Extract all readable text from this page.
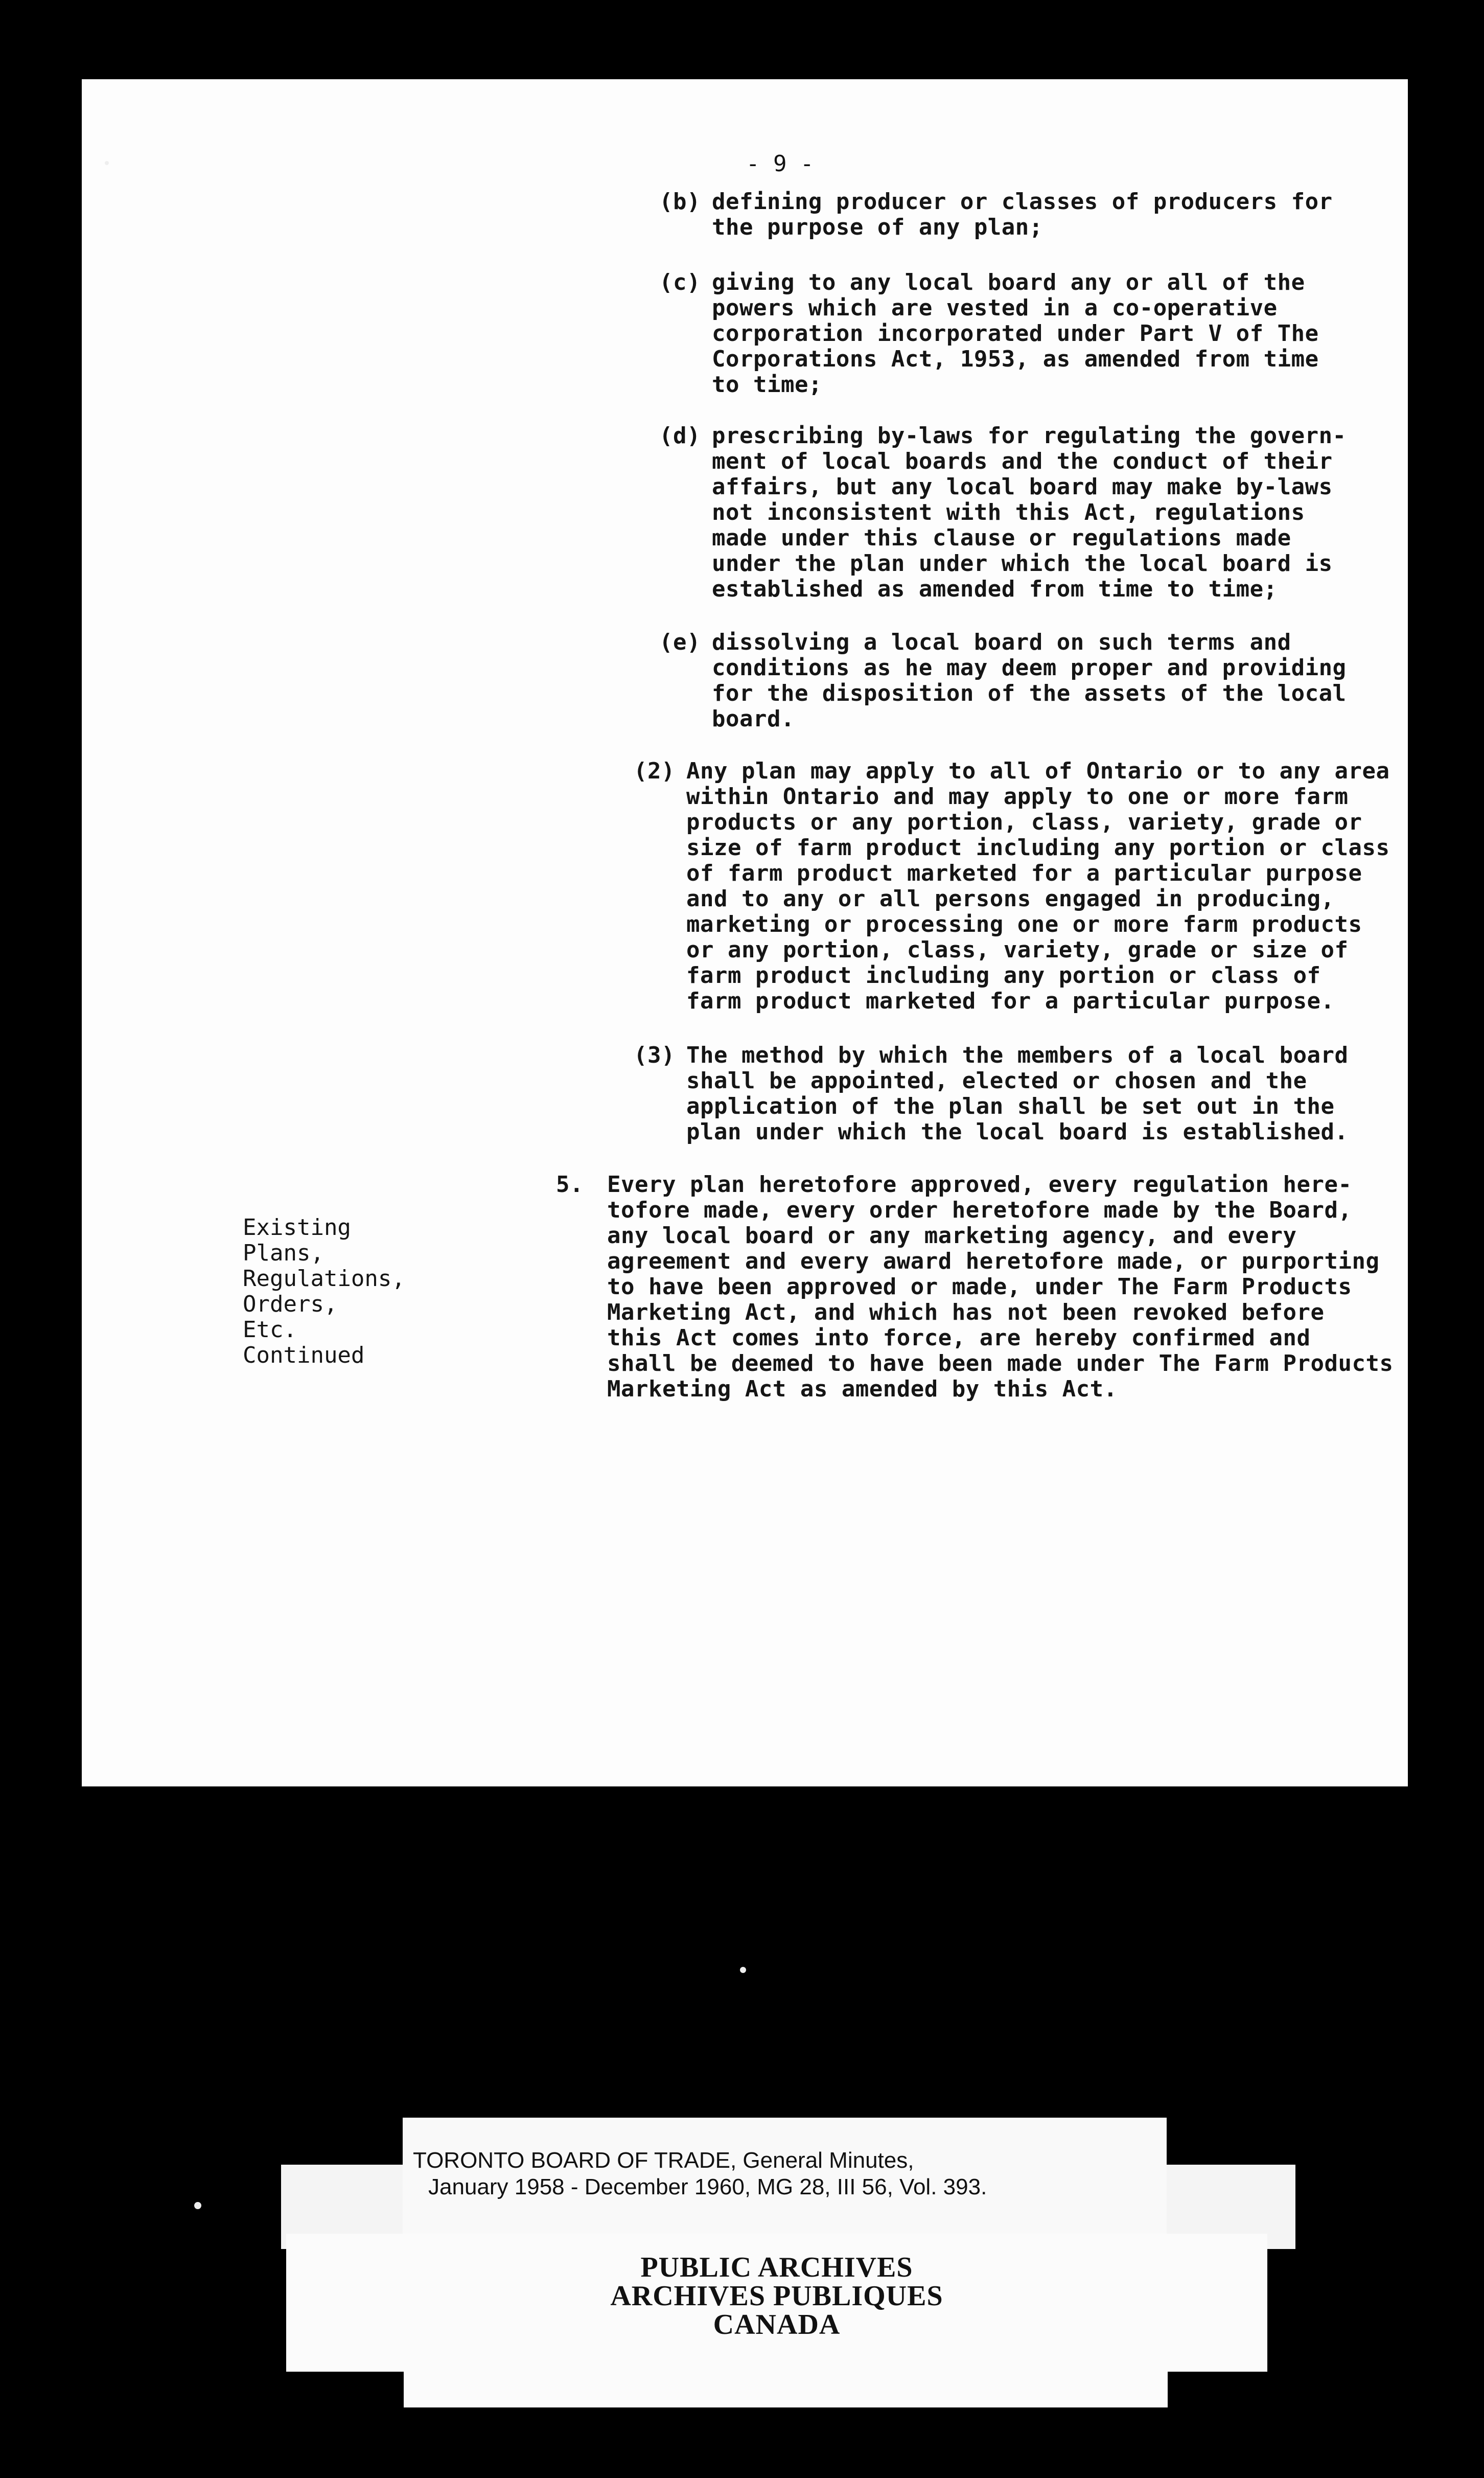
- 9 -
(b) defining producer or classes of producers for
the purpose of any plan;
(c) giving to any local board any or all of the
powers which are vested in a co-operative
corporation incorporated under Part V of The
Corporations Act, 1953, as amended from time
to time;
(d) prescribing by-laws for regulating the govern-
ment of local boards and the conduct of their
affairs, but any local board may make by-laws
not inconsistent with this Act, regulations
made under this clause or regulations made
under the plan under which the local board is
established as amended from time to time;
(e) dissolving a local board on such terms and
conditions as he may deem proper and providing
for the disposition of the assets of the local
board.
(2) Any plan may apply to all of Ontario or to any area
within Ontario and may apply to one or more farm
products or any portion, class, variety, grade or
size of farm product including any portion or class
of farm product marketed for a particular purpose
and to any or all persons engaged in producing,
marketing or processing one or more farm products
or any portion, class, variety, grade or size of
farm product including any portion or class of
farm product marketed for a particular purpose.
(3) The method by which the members of a local board
shall be appointed, elected or chosen and the
application of the plan shall be set out in the
plan under which the local board is established.
5. Every plan heretofore approved, every regulation here-
tofore made, every order heretofore made by the Board,
any local board or any marketing agency, and every
agreement and every award heretofore made, or purporting
to have been approved or made, under The Farm Products
Marketing Act, and which has not been revoked before
this Act comes into force, are hereby confirmed and
shall be deemed to have been made under The Farm Products
Marketing Act as amended by this Act.
Existing
Plans,
Regulations,
Orders,
Etc.
Continued
TORONTO BOARD OF TRADE, General Minutes,
January 1958 - December 1960, MG 28, III 56, Vol. 393.
PUBLIC ARCHIVES
ARCHIVES PUBLIQUES
CANADA
